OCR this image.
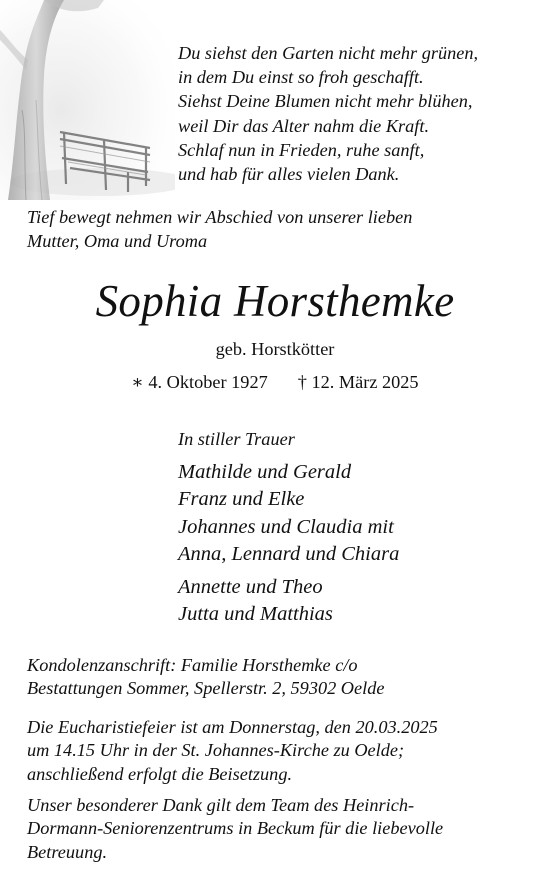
Du siehst den Garten nicht mehr grünen,
in dem Du einst so froh geschafft.
Siehst Deine Blumen nicht mehr blühen,
weil Dir das Alter nahm die Kraft.
Schlaf nun in Frieden, ruhe sanft,
und hab für alles vielen Dank.
Tief bewegt nehmen wir Abschied von unserer lieben
Mutter, Oma und Uroma
Sophia Horsthemke
geb. Horstkötter
∗ 4. Oktober 1927 † 12. März 2025
In stiller Trauer
Mathilde und Gerald
Franz und Elke
Johannes und Claudia mit
Anna, Lennard und Chiara
Annette und Theo
Jutta und Matthias
Kondolenzanschrift: Familie Horsthemke c/o
Bestattungen Sommer, Spellerstr. 2, 59302 Oelde
Die Eucharistiefeier ist am Donnerstag, den 20.03.2025
um 14.15 Uhr in der St. Johannes-Kirche zu Oelde;
anschließend erfolgt die Beisetzung.
Unser besonderer Dank gilt dem Team des Heinrich-
Dormann-Seniorenzentrums in Beckum für die liebevolle
Betreuung.
